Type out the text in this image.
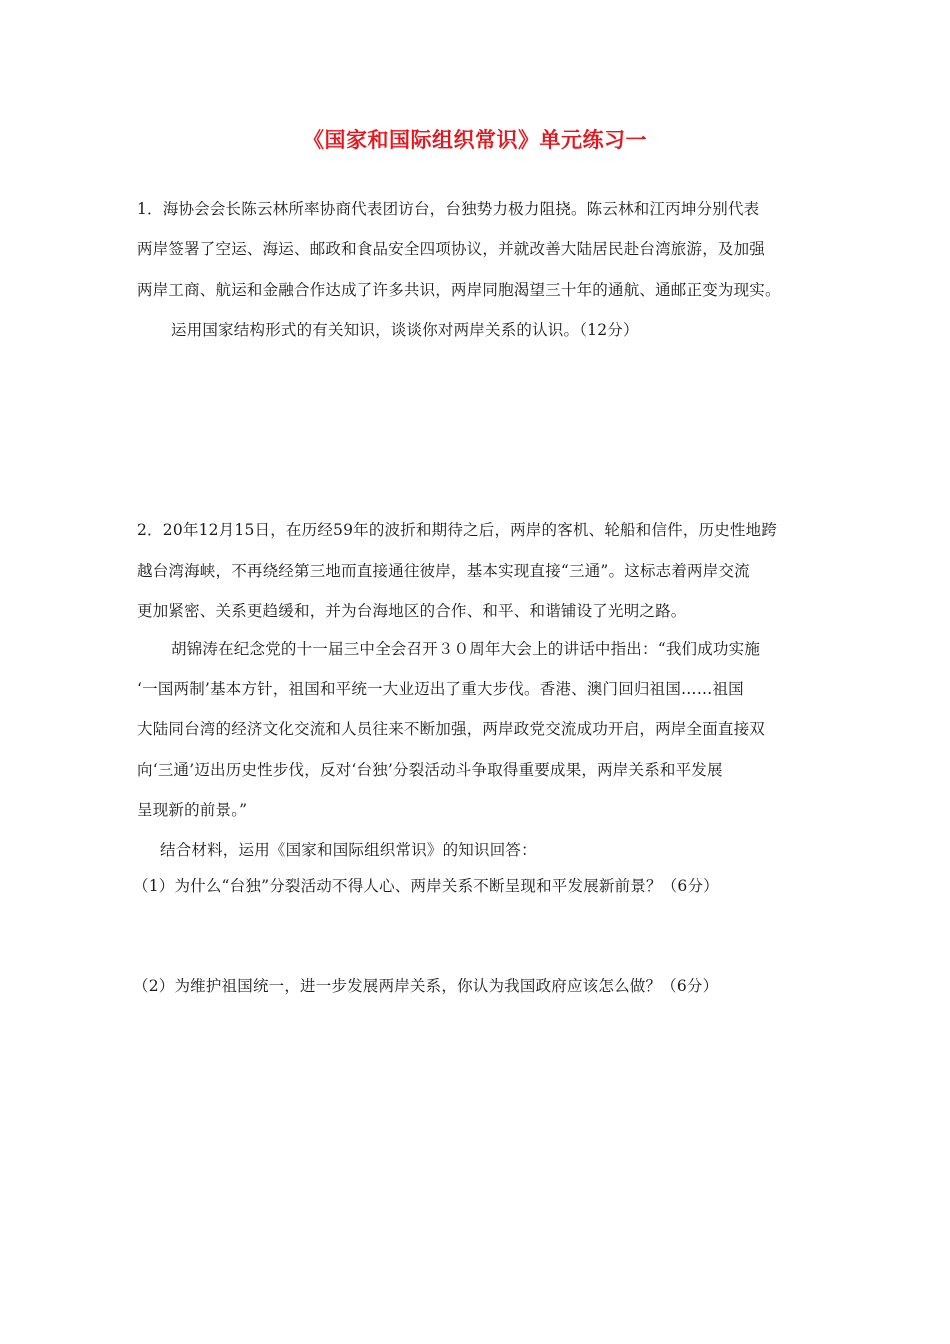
《国家和国际组织常识》单元练习一
1．海协会会长陈云林所率协商代表团访台，台独势力极力阻挠。陈云林和江丙坤分别代表
两岸签署了空运、海运、邮政和食品安全四项协议，并就改善大陆居民赴台湾旅游，及加强
两岸工商、航运和金融合作达成了许多共识，两岸同胞渴望三十年的通航、通邮正变为现实。
运用国家结构形式的有关知识，谈谈你对两岸关系的认识。（12分）
2．20年12月15日，在历经59年的波折和期待之后，两岸的客机、轮船和信件，历史性地跨
越台湾海峡，不再绕经第三地而直接通往彼岸，基本实现直接“三通”。这标志着两岸交流
更加紧密、关系更趋缓和，并为台海地区的合作、和平、和谐铺设了光明之路。
胡锦涛在纪念党的十一届三中全会召开３０周年大会上的讲话中指出：“我们成功实施
‘一国两制’基本方针，祖国和平统一大业迈出了重大步伐。香港、澳门回归祖国……祖国
大陆同台湾的经济文化交流和人员往来不断加强，两岸政党交流成功开启，两岸全面直接双
向‘三通’迈出历史性步伐，反对‘台独’分裂活动斗争取得重要成果，两岸关系和平发展
呈现新的前景。”
结合材料，运用《国家和国际组织常识》的知识回答：
（1）为什么“台独”分裂活动不得人心、两岸关系不断呈现和平发展新前景？（6分）
（2）为维护祖国统一，进一步发展两岸关系，你认为我国政府应该怎么做？（6分）
